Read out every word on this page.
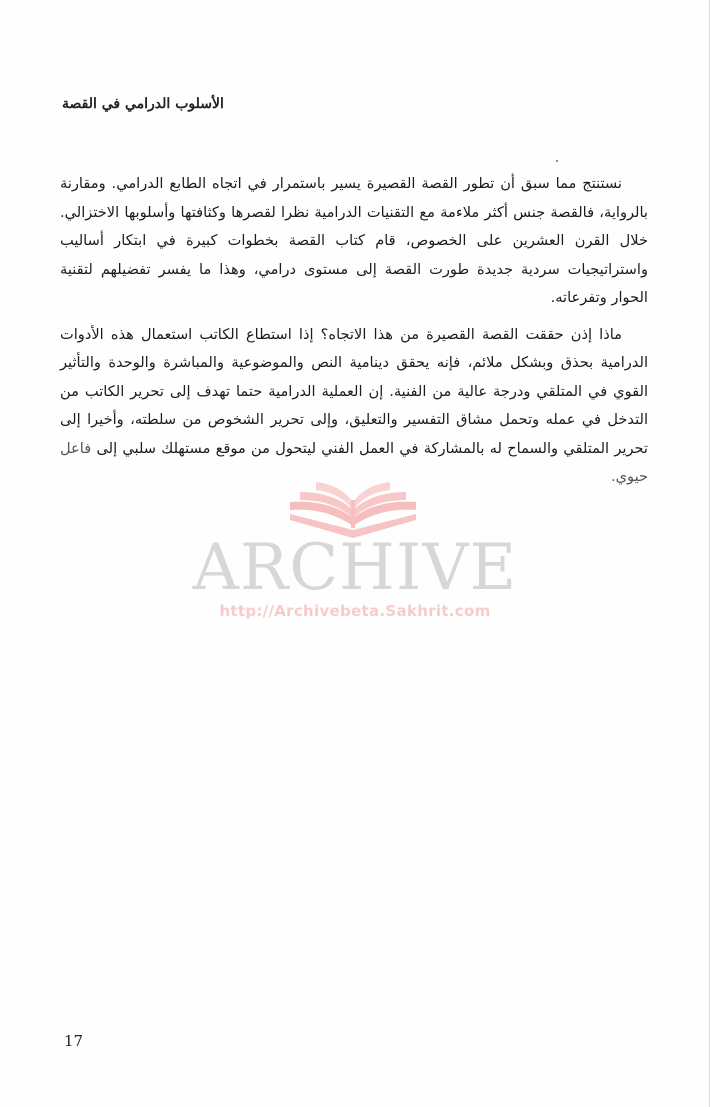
الأسلوب الدرامي في القصة

نستنتج مما سبق أن تطور القصة القصيرة يسير باستمرار في اتجاه الطابع الدرامي. ومقارنة بالرواية، فالقصة جنس أكثر ملاءمة مع التقنيات الدرامية نظرا لقصرها وكثافتها وأسلوبها الاختزالي. خلال القرن العشرين على الخصوص، قام كتاب القصة بخطوات كبيرة في ابتكار أساليب واستراتيجيات سردية جديدة طورت القصة إلى مستوى درامي، وهذا ما يفسر تفضيلهم لتقنية الحوار وتفرعاته.

ماذا إذن حققت القصة القصيرة من هذا الاتجاه؟ إذا استطاع الكاتب استعمال هذه الأدوات الدرامية بحذق وبشكل ملائم، فإنه يحقق دينامية النص والموضوعية والمباشرة والوحدة والتأثير القوي في المتلقي ودرجة عالية من الفنية. إن العملية الدرامية حتما تهدف إلى تحرير الكاتب من التدخل في عمله وتحمل مشاق التفسير والتعليق، وإلى تحرير الشخوص من سلطته، وأخيرا إلى تحرير المتلقي والسماح له بالمشاركة في العمل الفني ليتحول من موقع مستهلك سلبي إلى فاعل حيوي.

ARCHIVE
http://Archivebeta.Sakhrit.com
17
